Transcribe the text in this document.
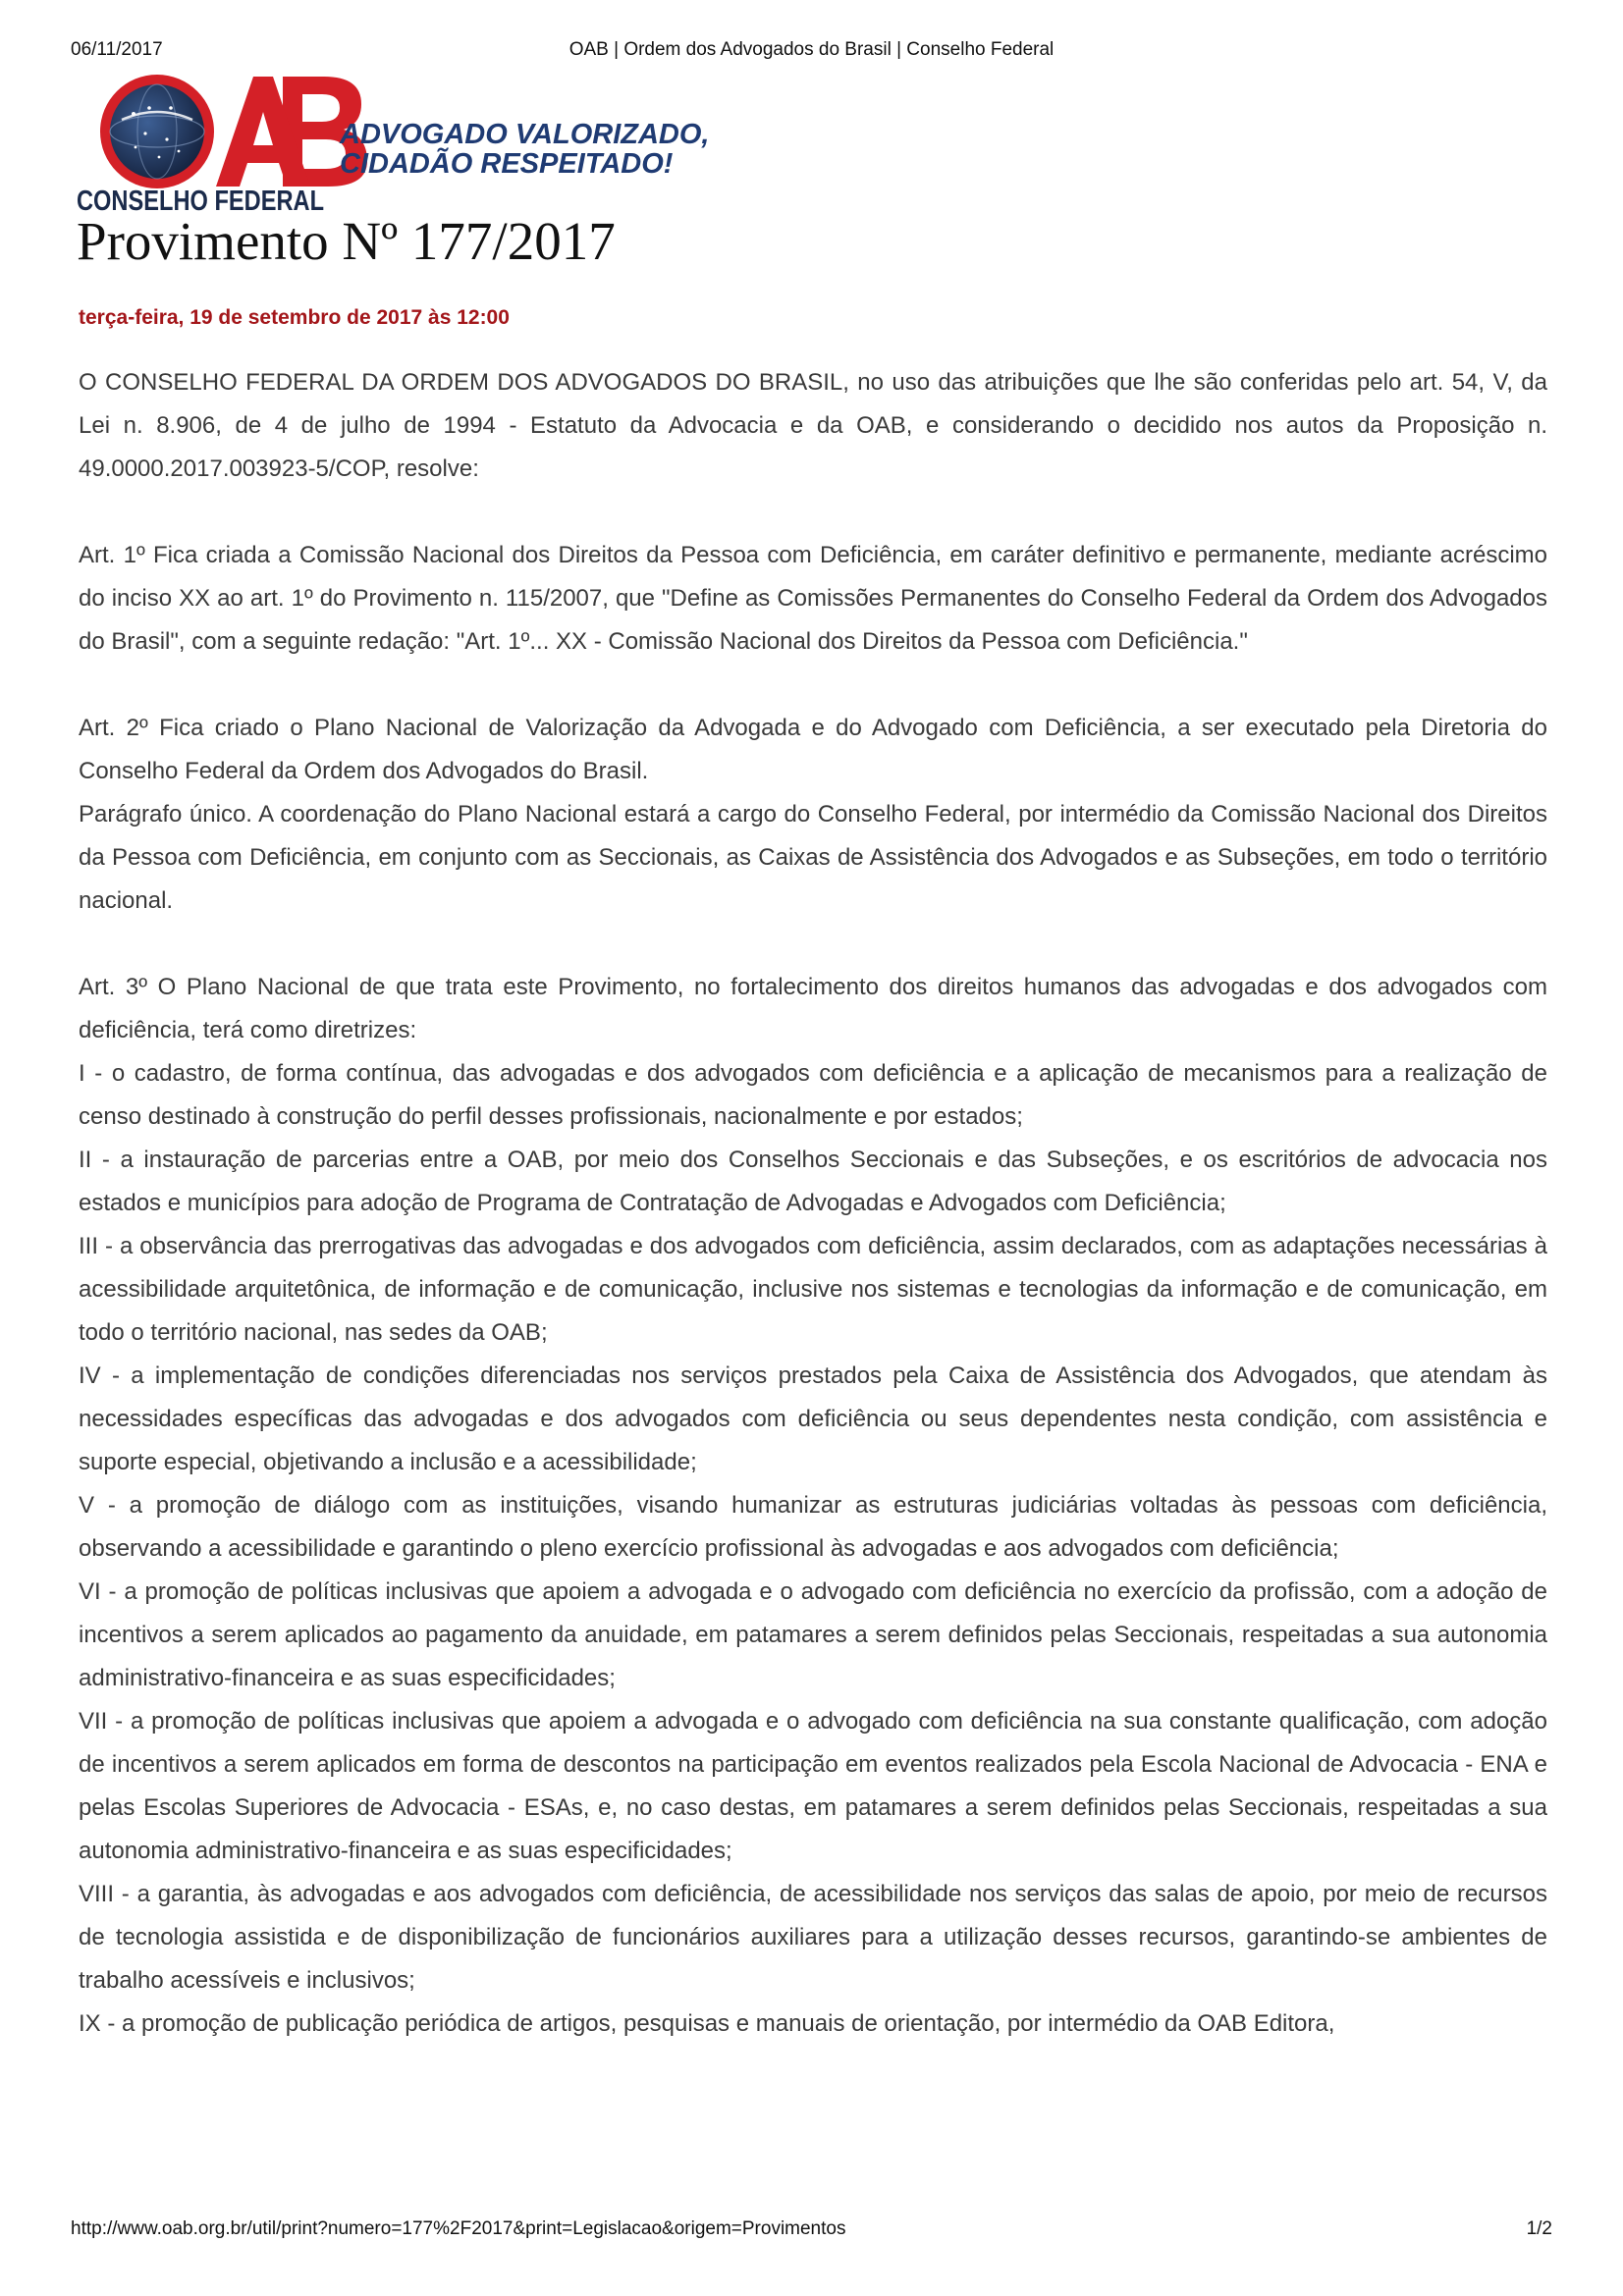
06/11/2017	OAB | Ordem dos Advogados do Brasil | Conselho Federal
ADVOGADO VALORIZADO,
CIDADÃO RESPEITADO!
CONSELHO FEDERAL
Provimento Nº 177/2017
terça-feira, 19 de setembro de 2017 às 12:00

O CONSELHO FEDERAL DA ORDEM DOS ADVOGADOS DO BRASIL, no uso das atribuições que lhe são conferidas pelo art. 54, V, da Lei n. 8.906, de 4 de julho de 1994 - Estatuto da Advocacia e da OAB, e considerando o decidido nos autos da Proposição n. 49.0000.2017.003923-5/COP, resolve:

Art. 1º Fica criada a Comissão Nacional dos Direitos da Pessoa com Deficiência, em caráter definitivo e permanente, mediante acréscimo do inciso XX ao art. 1º do Provimento n. 115/2007, que "Define as Comissões Permanentes do Conselho Federal da Ordem dos Advogados do Brasil", com a seguinte redação: "Art. 1º... XX - Comissão Nacional dos Direitos da Pessoa com Deficiência."

Art. 2º Fica criado o Plano Nacional de Valorização da Advogada e do Advogado com Deficiência, a ser executado pela Diretoria do Conselho Federal da Ordem dos Advogados do Brasil.

Parágrafo único. A coordenação do Plano Nacional estará a cargo do Conselho Federal, por intermédio da Comissão Nacional dos Direitos da Pessoa com Deficiência, em conjunto com as Seccionais, as Caixas de Assistência dos Advogados e as Subseções, em todo o território nacional.

Art. 3º O Plano Nacional de que trata este Provimento, no fortalecimento dos direitos humanos das advogadas e dos advogados com deficiência, terá como diretrizes:

I - o cadastro, de forma contínua, das advogadas e dos advogados com deficiência e a aplicação de mecanismos para a realização de censo destinado à construção do perfil desses profissionais, nacionalmente e por estados;

II - a instauração de parcerias entre a OAB, por meio dos Conselhos Seccionais e das Subseções, e os escritórios de advocacia nos estados e municípios para adoção de Programa de Contratação de Advogadas e Advogados com Deficiência;

III - a observância das prerrogativas das advogadas e dos advogados com deficiência, assim declarados, com as adaptações necessárias à acessibilidade arquitetônica, de informação e de comunicação, inclusive nos sistemas e tecnologias da informação e de comunicação, em todo o território nacional, nas sedes da OAB;

IV - a implementação de condições diferenciadas nos serviços prestados pela Caixa de Assistência dos Advogados, que atendam às necessidades específicas das advogadas e dos advogados com deficiência ou seus dependentes nesta condição, com assistência e suporte especial, objetivando a inclusão e a acessibilidade;

V - a promoção de diálogo com as instituições, visando humanizar as estruturas judiciárias voltadas às pessoas com deficiência, observando a acessibilidade e garantindo o pleno exercício profissional às advogadas e aos advogados com deficiência;

VI - a promoção de políticas inclusivas que apoiem a advogada e o advogado com deficiência no exercício da profissão, com a adoção de incentivos a serem aplicados ao pagamento da anuidade, em patamares a serem definidos pelas Seccionais, respeitadas a sua autonomia administrativo-financeira e as suas especificidades;

VII - a promoção de políticas inclusivas que apoiem a advogada e o advogado com deficiência na sua constante qualificação, com adoção de incentivos a serem aplicados em forma de descontos na participação em eventos realizados pela Escola Nacional de Advocacia - ENA e pelas Escolas Superiores de Advocacia - ESAs, e, no caso destas, em patamares a serem definidos pelas Seccionais, respeitadas a sua autonomia administrativo-financeira e as suas especificidades;

VIII - a garantia, às advogadas e aos advogados com deficiência, de acessibilidade nos serviços das salas de apoio, por meio de recursos de tecnologia assistida e de disponibilização de funcionários auxiliares para a utilização desses recursos, garantindo-se ambientes de trabalho acessíveis e inclusivos;

IX - a promoção de publicação periódica de artigos, pesquisas e manuais de orientação, por intermédio da OAB Editora,

http://www.oab.org.br/util/print?numero=177%2F2017&print=Legislacao&origem=Provimentos	1/2
